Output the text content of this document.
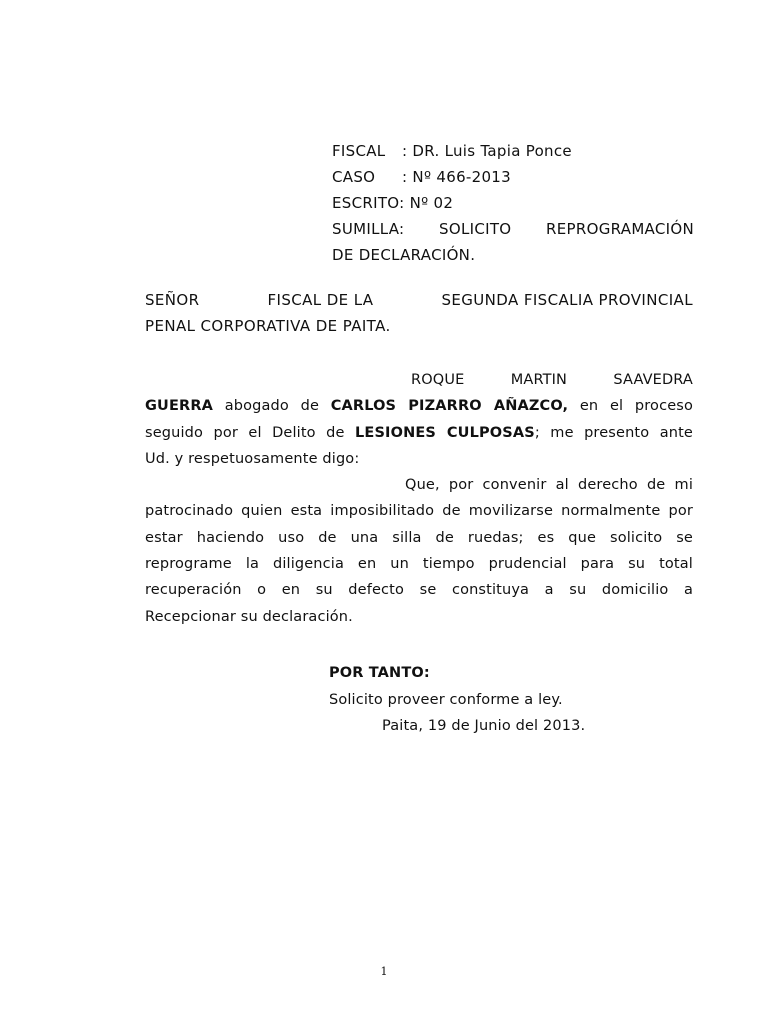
FISCAL : DR. Luis Tapia Ponce
CASO : Nº 466-2013
ESCRITO: Nº 02
SUMILLA: SOLICITO REPROGRAMACIÓN
DE DECLARACIÓN.
SEÑOR	FISCAL DE LA	SEGUNDA FISCALIA PROVINCIAL
PENAL CORPORATIVA DE PAITA.
ROQUE	MARTIN	SAAVEDRA
GUERRA abogado de CARLOS PIZARRO AÑAZCO, en el proceso
seguido por el Delito de LESIONES CULPOSAS; me presento ante
Ud. y respetuosamente digo:
Que, por convenir al derecho de mi
patrocinado quien esta imposibilitado de movilizarse normalmente por
estar haciendo uso de una silla de ruedas; es que solicito se
reprograme la diligencia en un tiempo prudencial para su total
recuperación o en su defecto se constituya a su domicilio a
Recepcionar su declaración.
POR TANTO:
Solicito proveer conforme a ley.
Paita, 19 de Junio del 2013.
1
